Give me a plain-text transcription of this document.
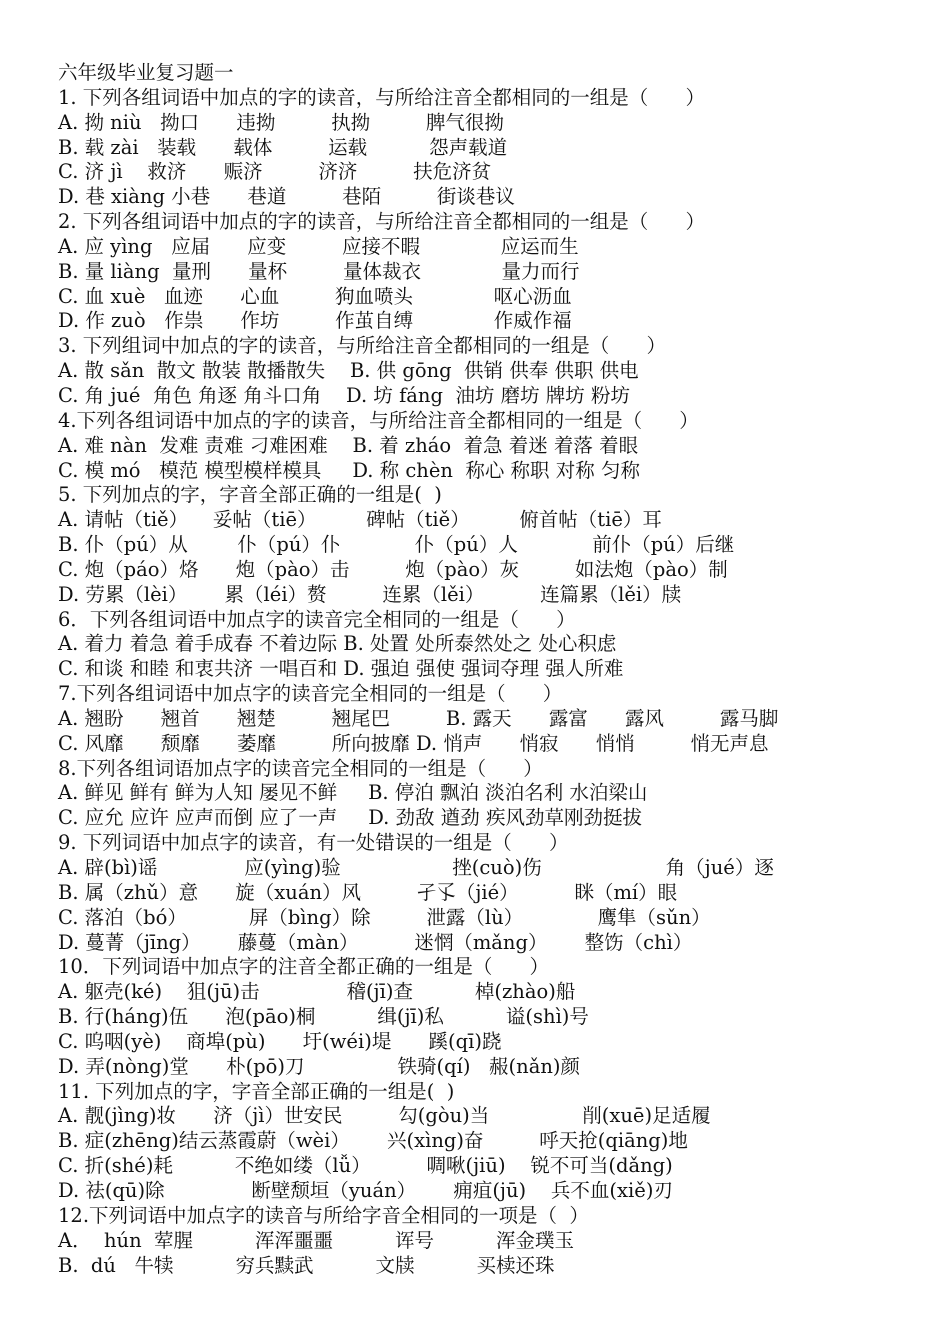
六年级毕业复习题一
1. 下列各组词语中加点的字的读音，与所给注音全都相同的一组是（      ）
A. 拗 niù   拗口      违拗         执拗         脾气很拗
B. 载 zài   装载      载体         运载          怨声载道
C. 济 jì    救济      赈济         济济         扶危济贫
D. 巷 xiàng 小巷      巷道         巷陌         街谈巷议
2. 下列各组词语中加点的字的读音，与所给注音全都相同的一组是（      ）
A. 应 yìng   应届      应变         应接不暇             应运而生
B. 量 liàng  量刑      量杯         量体裁衣             量力而行
C. 血 xuè   血迹      心血         狗血喷头             呕心沥血
D. 作 zuò   作祟      作坊         作茧自缚             作威作福
3. 下列组词中加点的字的读音，与所给注音全都相同的一组是（      ）
A. 散 sǎn  散文 散装 散播散失    B. 供 gōng  供销 供奉 供职 供电
C. 角 jué  角色 角逐 角斗口角    D. 坊 fáng  油坊 磨坊 牌坊 粉坊
4.下列各组词语中加点的字的读音，与所给注音全都相同的一组是（      ）
A. 难 nàn  发难 责难 刁难困难    B. 着 zháo  着急 着迷 着落 着眼
C. 模 mó   模范 模型模样模具     D. 称 chèn  称心 称职 对称 匀称
5. 下列加点的字，字音全部正确的一组是(  )
A. 请帖（tiě）    妥帖（tiē）        碑帖（tiě）        俯首帖（tiē）耳
B. 仆（pú）从        仆（pú）仆            仆（pú）人            前仆（pú）后继
C. 炮（páo）烙      炮（pào）击         炮（pào）灰         如法炮（pào）制
D. 劳累（lèi）      累（léi）赘         连累（lěi）         连篇累（lěi）牍
6．下列各组词语中加点字的读音完全相同的一组是（      ）
A. 着力 着急 着手成春 不着边际 B. 处置 处所泰然处之 处心积虑
C. 和谈 和睦 和衷共济 一唱百和 D. 强迫 强使 强词夺理 强人所难
7.下列各组词语中加点字的读音完全相同的一组是（      ）
A. 翘盼      翘首      翘楚         翘尾巴         B. 露天      露富      露风         露马脚
C. 风靡      颓靡      萎靡         所向披靡 D. 悄声      悄寂      悄悄         悄无声息
8.下列各组词语加点字的读音完全相同的一组是（      ）
A. 鲜见 鲜有 鲜为人知 屡见不鲜     B. 停泊 飘泊 淡泊名利 水泊梁山
C. 应允 应许 应声而倒 应了一声     D. 劲敌 遒劲 疾风劲草刚劲挺拔
9. 下列词语中加点字的读音，有一处错误的一组是（      ）
A. 辟(bì)谣              应(yìng)验                  挫(cuò)伤                    角（jué）逐
B. 属（zhǔ）意      旋（xuán）风         孑孓（jié）         眯（mí）眼
C. 落泊（bó）          屏（bìng）除         泄露（lù）            鹰隼（sǔn）
D. 蔓菁（jīng）      藤蔓（màn）         迷惘（mǎng）      整饬（chì）
10．下列词语中加点字的注音全都正确的一组是（      ）
A. 躯壳(ké)    狙(jū)击              稽(jī)查          棹(zhào)船
B. 行(háng)伍      泡(pāo)桐          缉(jī)私          谥(shì)号
C. 呜咽(yè)    商埠(pù)      圩(wéi)堤      蹊(qī)跷
D. 弄(nòng)堂      朴(pō)刀               铁骑(qí)   赧(nǎn)颜
11. 下列加点的字，字音全部正确的一组是(  )
A. 靓(jìng)妆      济（jì）世安民         勾(gòu)当               削(xuē)足适履
B. 症(zhēng)结云蒸霞蔚（wèi）      兴(xìng)奋         呼天抢(qiāng)地
C. 折(shé)耗          不绝如缕（lǚ）         啁啾(jiū)    锐不可当(dǎng)
D. 祛(qū)除              断壁颓垣（yuán）      痈疽(jū)    兵不血(xiě)刃
12.下列词语中加点字的读音与所给字音全相同的一项是（  ）
A．  hún  荤腥          浑浑噩噩          诨号          浑金璞玉
B.  dú   牛犊          穷兵黩武          文牍          买椟还珠
